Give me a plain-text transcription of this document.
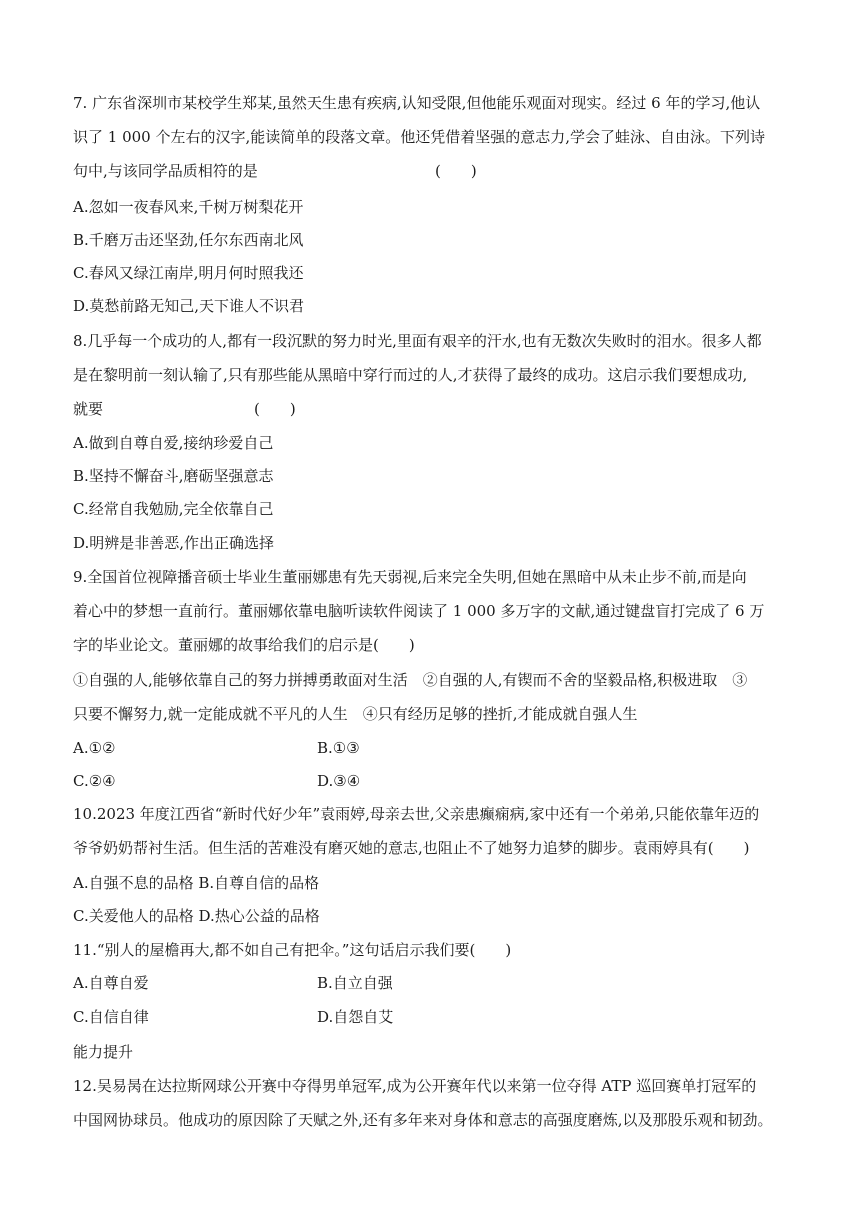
7. 广东省深圳市某校学生郑某,虽然天生患有疾病,认知受限,但他能乐观面对现实。经过 6 年的学习,他认
识了 1 000 个左右的汉字,能读简单的段落文章。他还凭借着坚强的意志力,学会了蛙泳、自由泳。下列诗
句中,与该同学品质相符的是	(　　)
A.忽如一夜春风来,千树万树梨花开
B.千磨万击还坚劲,任尔东西南北风
C.春风又绿江南岸,明月何时照我还
D.莫愁前路无知己,天下谁人不识君
8.几乎每一个成功的人,都有一段沉默的努力时光,里面有艰辛的汗水,也有无数次失败时的泪水。很多人都
是在黎明前一刻认输了,只有那些能从黑暗中穿行而过的人,才获得了最终的成功。这启示我们要想成功,
就要	(　　)
A.做到自尊自爱,接纳珍爱自己
B.坚持不懈奋斗,磨砺坚强意志
C.经常自我勉励,完全依靠自己
D.明辨是非善恶,作出正确选择
9.全国首位视障播音硕士毕业生董丽娜患有先天弱视,后来完全失明,但她在黑暗中从未止步不前,而是向
着心中的梦想一直前行。董丽娜依靠电脑听读软件阅读了 1 000 多万字的文献,通过键盘盲打完成了 6 万
字的毕业论文。董丽娜的故事给我们的启示是(　　)
①自强的人,能够依靠自己的努力拼搏勇敢面对生活　②自强的人,有锲而不舍的坚毅品格,积极进取　③
只要不懈努力,就一定能成就不平凡的人生　④只有经历足够的挫折,才能成就自强人生
A.①②	B.①③
C.②④	D.③④
10.2023 年度江西省“新时代好少年”袁雨婷,母亲去世,父亲患癫痫病,家中还有一个弟弟,只能依靠年迈的
爷爷奶奶帮衬生活。但生活的苦难没有磨灭她的意志,也阻止不了她努力追梦的脚步。袁雨婷具有(　　)
A.自强不息的品格 B.自尊自信的品格
C.关爱他人的品格 D.热心公益的品格
11.“别人的屋檐再大,都不如自己有把伞。”这句话启示我们要(　　)
A.自尊自爱	B.自立自强
C.自信自律	D.自怨自艾
能力提升
12.吴易昺在达拉斯网球公开赛中夺得男单冠军,成为公开赛年代以来第一位夺得 ATP 巡回赛单打冠军的
中国网协球员。他成功的原因除了天赋之外,还有多年来对身体和意志的高强度磨炼,以及那股乐观和韧劲。
